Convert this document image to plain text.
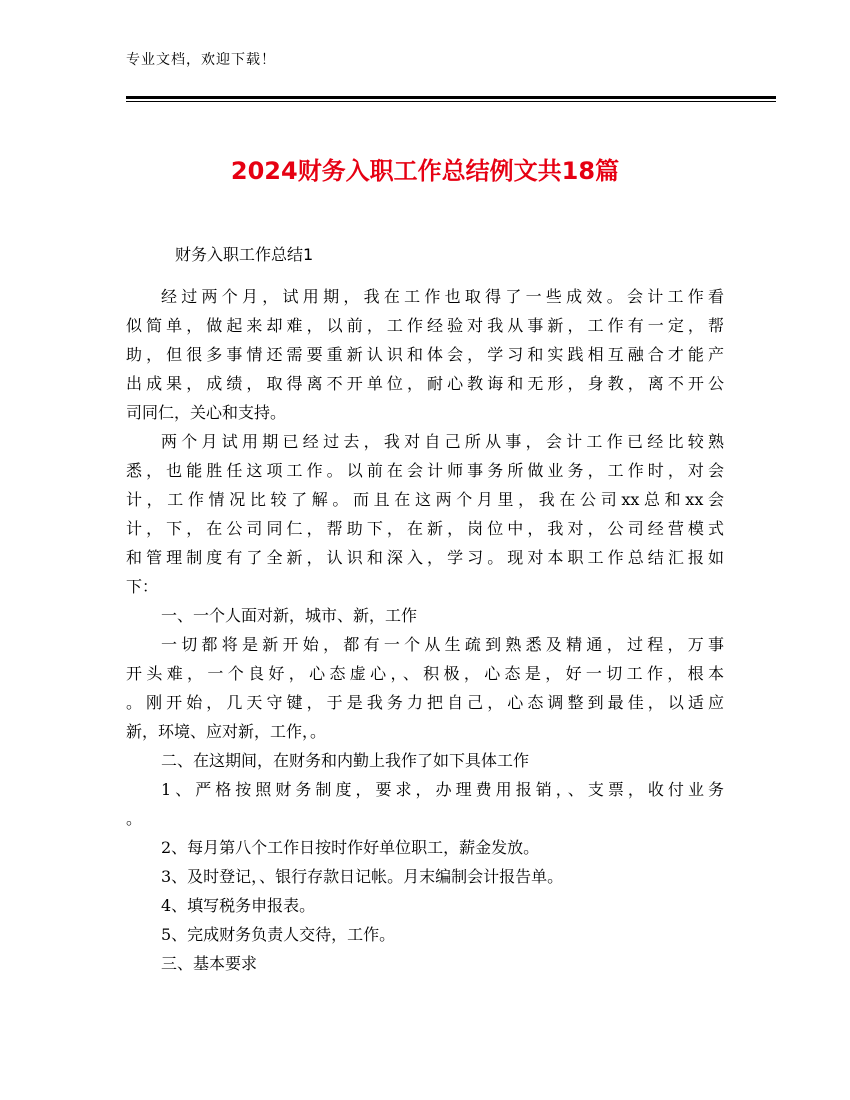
专业文档，欢迎下载！
2024财务入职工作总结例文共18篇
财务入职工作总结1
经过两个月，试用期，我在工作也取得了一些成效。会计工作看
似简单，做起来却难，以前，工作经验对我从事新，工作有一定，帮
助，但很多事情还需要重新认识和体会，学习和实践相互融合才能产
出成果，成绩，取得离不开单位，耐心教诲和无形，身教，离不开公
司同仁，关心和支持。
两个月试用期已经过去，我对自己所从事，会计工作已经比较熟
悉，也能胜任这项工作。以前在会计师事务所做业务，工作时，对会
计，工作情况比较了解。而且在这两个月里，我在公司xx总和xx会
计，下，在公司同仁，帮助下，在新，岗位中，我对，公司经营模式
和管理制度有了全新，认识和深入，学习。现对本职工作总结汇报如
下：
一、一个人面对新，城市、新，工作
一切都将是新开始，都有一个从生疏到熟悉及精通，过程，万事
开头难，一个良好，心态虚心，、积极，心态是，好一切工作，根本
。刚开始，几天守键，于是我务力把自己，心态调整到最佳，以适应
新，环境、应对新，工作，。
二、在这期间，在财务和内勤上我作了如下具体工作
1、严格按照财务制度，要求，办理费用报销，、支票，收付业务
。
2、每月第八个工作日按时作好单位职工，薪金发放。
3、及时登记，、银行存款日记帐。月末编制会计报告单。
4、填写税务申报表。
5、完成财务负责人交待，工作。
三、基本要求
